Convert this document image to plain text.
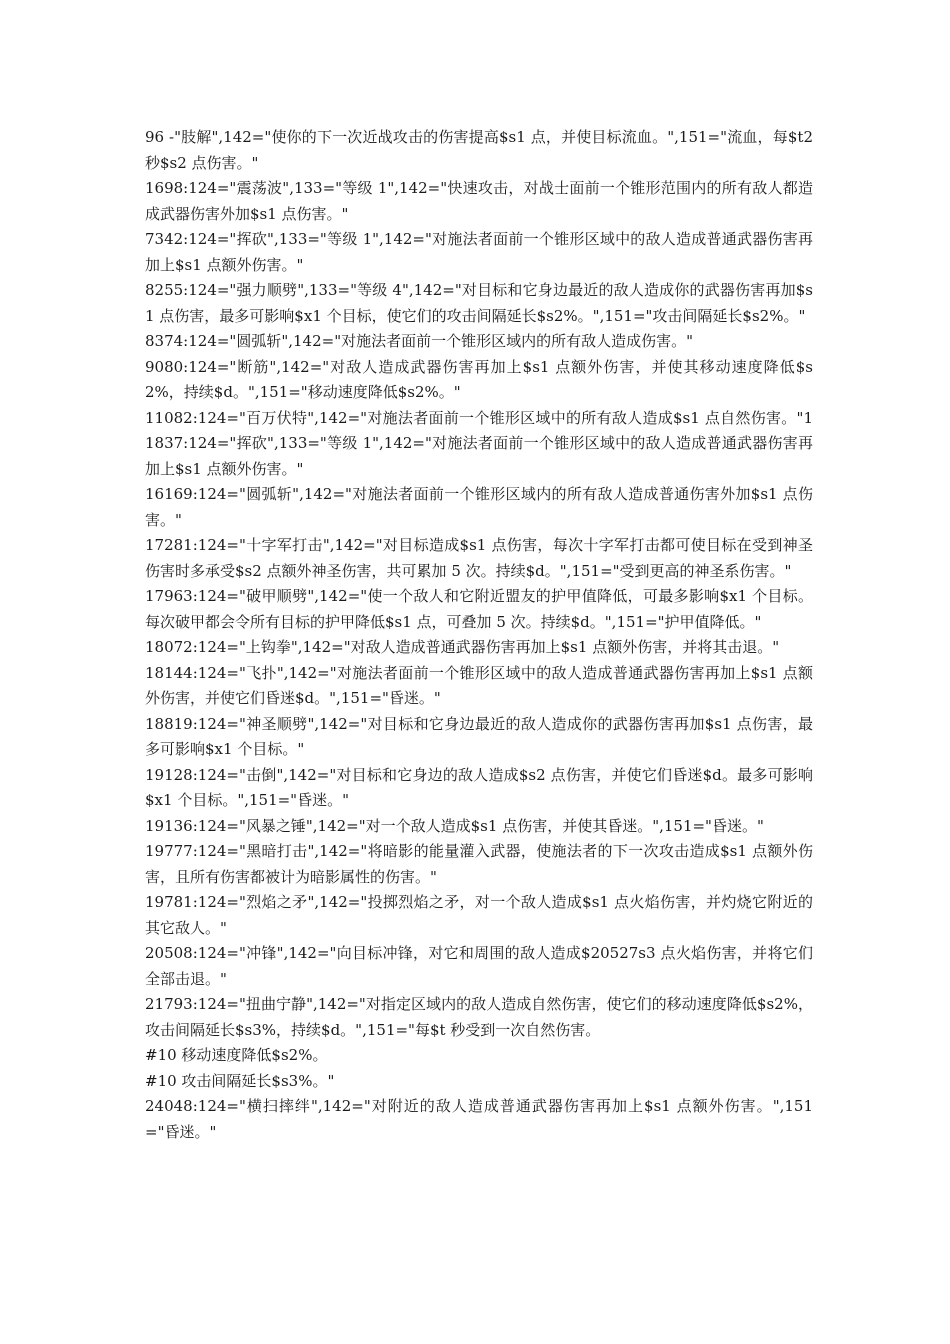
96 -"肢解",142="使你的下一次近战攻击的伤害提高$s1 点，并使目标流血。",151="流血，每$t2 秒$s2 点伤害。"

1698:124="震荡波",133="等级 1",142="快速攻击，对战士面前一个锥形范围内的所有敌人都造成武器伤害外加$s1 点伤害。"

7342:124="挥砍",133="等级 1",142="对施法者面前一个锥形区域中的敌人造成普通武器伤害再加上$s1 点额外伤害。"

8255:124="强力顺劈",133="等级 4",142="对目标和它身边最近的敌人造成你的武器伤害再加$s1 点伤害，最多可影响$x1 个目标，使它们的攻击间隔延长$s2%。",151="攻击间隔延长$s2%。"

8374:124="圆弧斩",142="对施法者面前一个锥形区域内的所有敌人造成伤害。"

9080:124="断筋",142="对敌人造成武器伤害再加上$s1 点额外伤害，并使其移动速度降低$s2%，持续$d。",151="移动速度降低$s2%。"

11082:124="百万伏特",142="对施法者面前一个锥形区域中的所有敌人造成$s1 点自然伤害。"11837:124="挥砍",133="等级 1",142="对施法者面前一个锥形区域中的敌人造成普通武器伤害再加上$s1 点额外伤害。"

16169:124="圆弧斩",142="对施法者面前一个锥形区域内的所有敌人造成普通伤害外加$s1 点伤害。"

17281:124="十字军打击",142="对目标造成$s1 点伤害，每次十字军打击都可使目标在受到神圣伤害时多承受$s2 点额外神圣伤害，共可累加 5 次。持续$d。",151="受到更高的神圣系伤害。"

17963:124="破甲顺劈",142="使一个敌人和它附近盟友的护甲值降低，可最多影响$x1 个目标。每次破甲都会令所有目标的护甲降低$s1 点，可叠加 5 次。持续$d。",151="护甲值降低。"

18072:124="上钩拳",142="对敌人造成普通武器伤害再加上$s1 点额外伤害，并将其击退。"

18144:124="飞扑",142="对施法者面前一个锥形区域中的敌人造成普通武器伤害再加上$s1 点额外伤害，并使它们昏迷$d。",151="昏迷。"

18819:124="神圣顺劈",142="对目标和它身边最近的敌人造成你的武器伤害再加$s1 点伤害，最多可影响$x1 个目标。"

19128:124="击倒",142="对目标和它身边的敌人造成$s2 点伤害，并使它们昏迷$d。最多可影响$x1 个目标。",151="昏迷。"

19136:124="风暴之锤",142="对一个敌人造成$s1 点伤害，并使其昏迷。",151="昏迷。"

19777:124="黑暗打击",142="将暗影的能量灌入武器，使施法者的下一次攻击造成$s1 点额外伤害，且所有伤害都被计为暗影属性的伤害。"

19781:124="烈焰之矛",142="投掷烈焰之矛，对一个敌人造成$s1 点火焰伤害，并灼烧它附近的其它敌人。"

20508:124="冲锋",142="向目标冲锋，对它和周围的敌人造成$20527s3 点火焰伤害，并将它们全部击退。"

21793:124="扭曲宁静",142="对指定区域内的敌人造成自然伤害，使它们的移动速度降低$s2%，攻击间隔延长$s3%，持续$d。",151="每$t 秒受到一次自然伤害。

#10 移动速度降低$s2%。

#10 攻击间隔延长$s3%。"

24048:124="横扫摔绊",142="对附近的敌人造成普通武器伤害再加上$s1 点额外伤害。",151="昏迷。"
